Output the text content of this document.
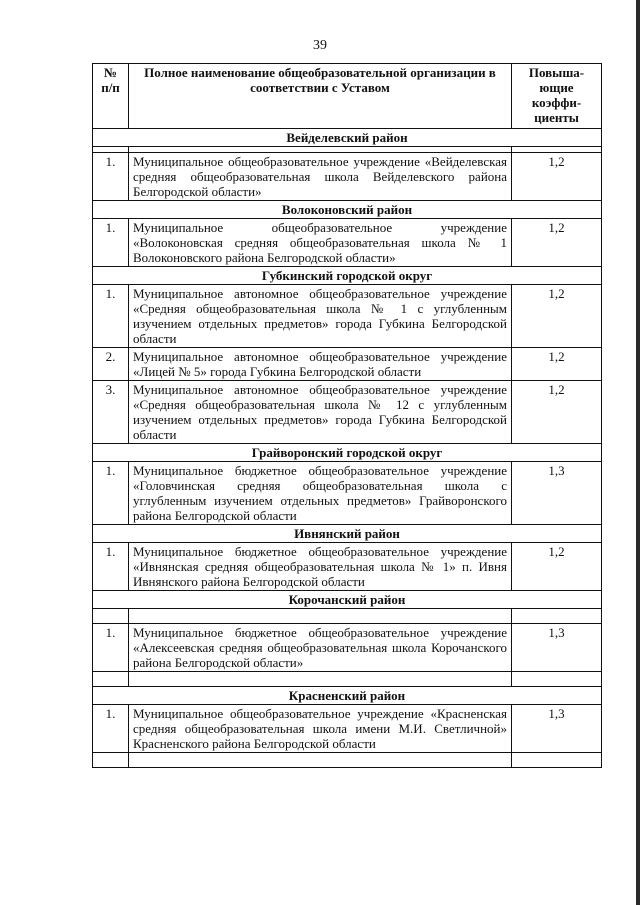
39
№ п/п	Полное наименование общеобразовательной организации в соответствии с Уставом	Повыша-ющие коэффи-циенты
Вейделевский район		

1.	Муниципальное общеобразовательное учреждение «Вейделевская средняя общеобразовательная школа Вейделевского района Белгородской области»	1,2
Волоконовский район		
1.	Муниципальное общеобразовательное учреждение «Волоконовская средняя общеобразовательная школа № 1 Волоконовского района Белгородской области»	1,2
Губкинский городской округ		
1.	Муниципальное автономное общеобразовательное учреждение «Средняя общеобразовательная школа № 1 с углубленным изучением отдельных предметов» города Губкина Белгородской области	1,2
2.	Муниципальное автономное общеобразовательное учреждение «Лицей № 5» города Губкина Белгородской области	1,2
3.	Муниципальное автономное общеобразовательное учреждение «Средняя общеобразовательная школа № 12 с углубленным изучением отдельных предметов» города Губкина Белгородской области	1,2
Грайворонский городской округ		
1.	Муниципальное бюджетное общеобразовательное учреждение «Головчинская средняя общеобразовательная школа с углубленным изучением отдельных предметов» Грайворонского района Белгородской области	1,3
Ивнянский район		
1.	Муниципальное бюджетное общеобразовательное учреждение «Ивнянская средняя общеобразовательная школа № 1» п. Ивня Ивнянского района Белгородской области	1,2
Корочанский район		

1.	Муниципальное бюджетное общеобразовательное учреждение «Алексеевская средняя общеобразовательная школа Корочанского района Белгородской области»	1,3

Красненский район		
1.	Муниципальное общеобразовательное учреждение «Красненская средняя общеобразовательная школа имени М.И. Светличной» Красненского района Белгородской области	1,3
